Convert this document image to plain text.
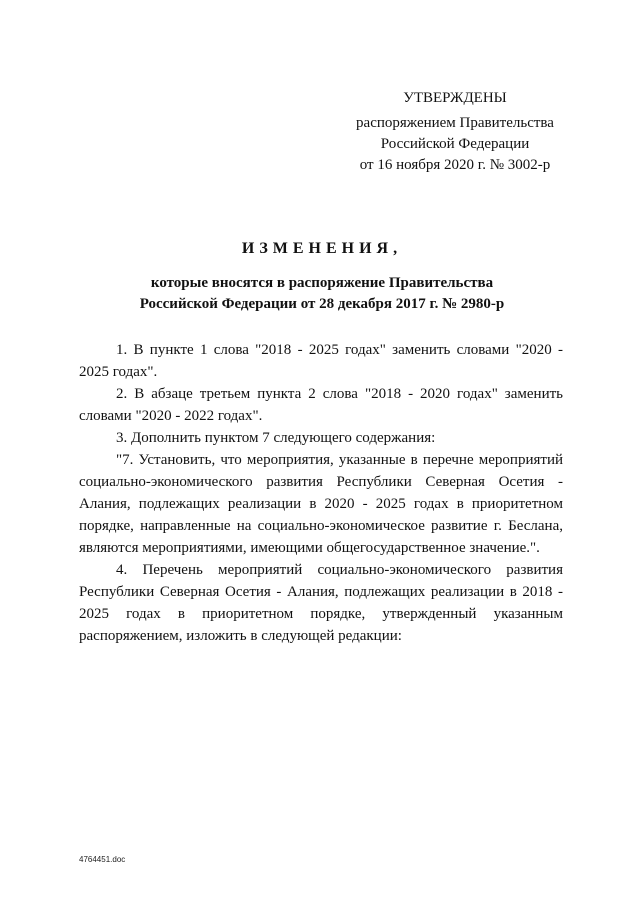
УТВЕРЖДЕНЫ
распоряжением Правительства
Российской Федерации
от 16 ноября 2020 г. № 3002-р
ИЗМЕНЕНИЯ,
которые вносятся в распоряжение Правительства
Российской Федерации от 28 декабря 2017 г. № 2980-р

1. В пункте 1 слова "2018 - 2025 годах" заменить словами "2020 - 2025 годах".

2. В абзаце третьем пункта 2 слова "2018 - 2020 годах" заменить словами "2020 - 2022 годах".

3. Дополнить пунктом 7 следующего содержания:

"7. Установить, что мероприятия, указанные в перечне мероприятий социально-экономического развития Республики Северная Осетия - Алания, подлежащих реализации в 2020 - 2025 годах в приоритетном порядке, направленные на социально-экономическое развитие г. Беслана, являются мероприятиями, имеющими общегосударственное значение.".

4. Перечень мероприятий социально-экономического развития Республики Северная Осетия - Алания, подлежащих реализации в 2018 - 2025 годах в приоритетном порядке, утвержденный указанным распоряжением, изложить в следующей редакции:

4764451.doc
